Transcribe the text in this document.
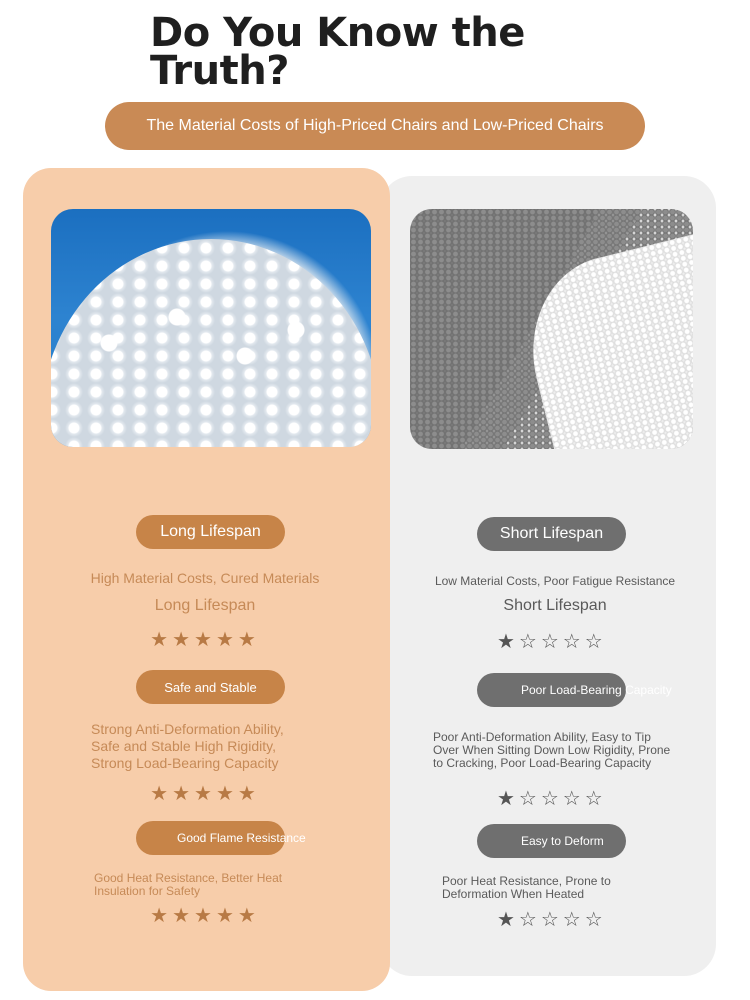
Do You Know the Truth?
The Material Costs of High-Priced Chairs and Low-Priced Chairs
Long Lifespan
High Material Costs, Cured Materials
Long Lifespan
★★★★★
Safe and Stable
Strong Anti-Deformation Ability, Safe and Stable High Rigidity, Strong Load-Bearing Capacity
★★★★★
Good Flame Resistance
Good Heat Resistance, Better Heat Insulation for Safety
★★★★★
Short Lifespan
Low Material Costs, Poor Fatigue Resistance
Short Lifespan
★☆☆☆☆
Poor Load-Bearing Capacity
Poor Anti-Deformation Ability, Easy to Tip Over When Sitting Down Low Rigidity, Prone to Cracking, Poor Load-Bearing Capacity
★☆☆☆☆
Easy to Deform
Poor Heat Resistance, Prone to Deformation When Heated
★☆☆☆☆
